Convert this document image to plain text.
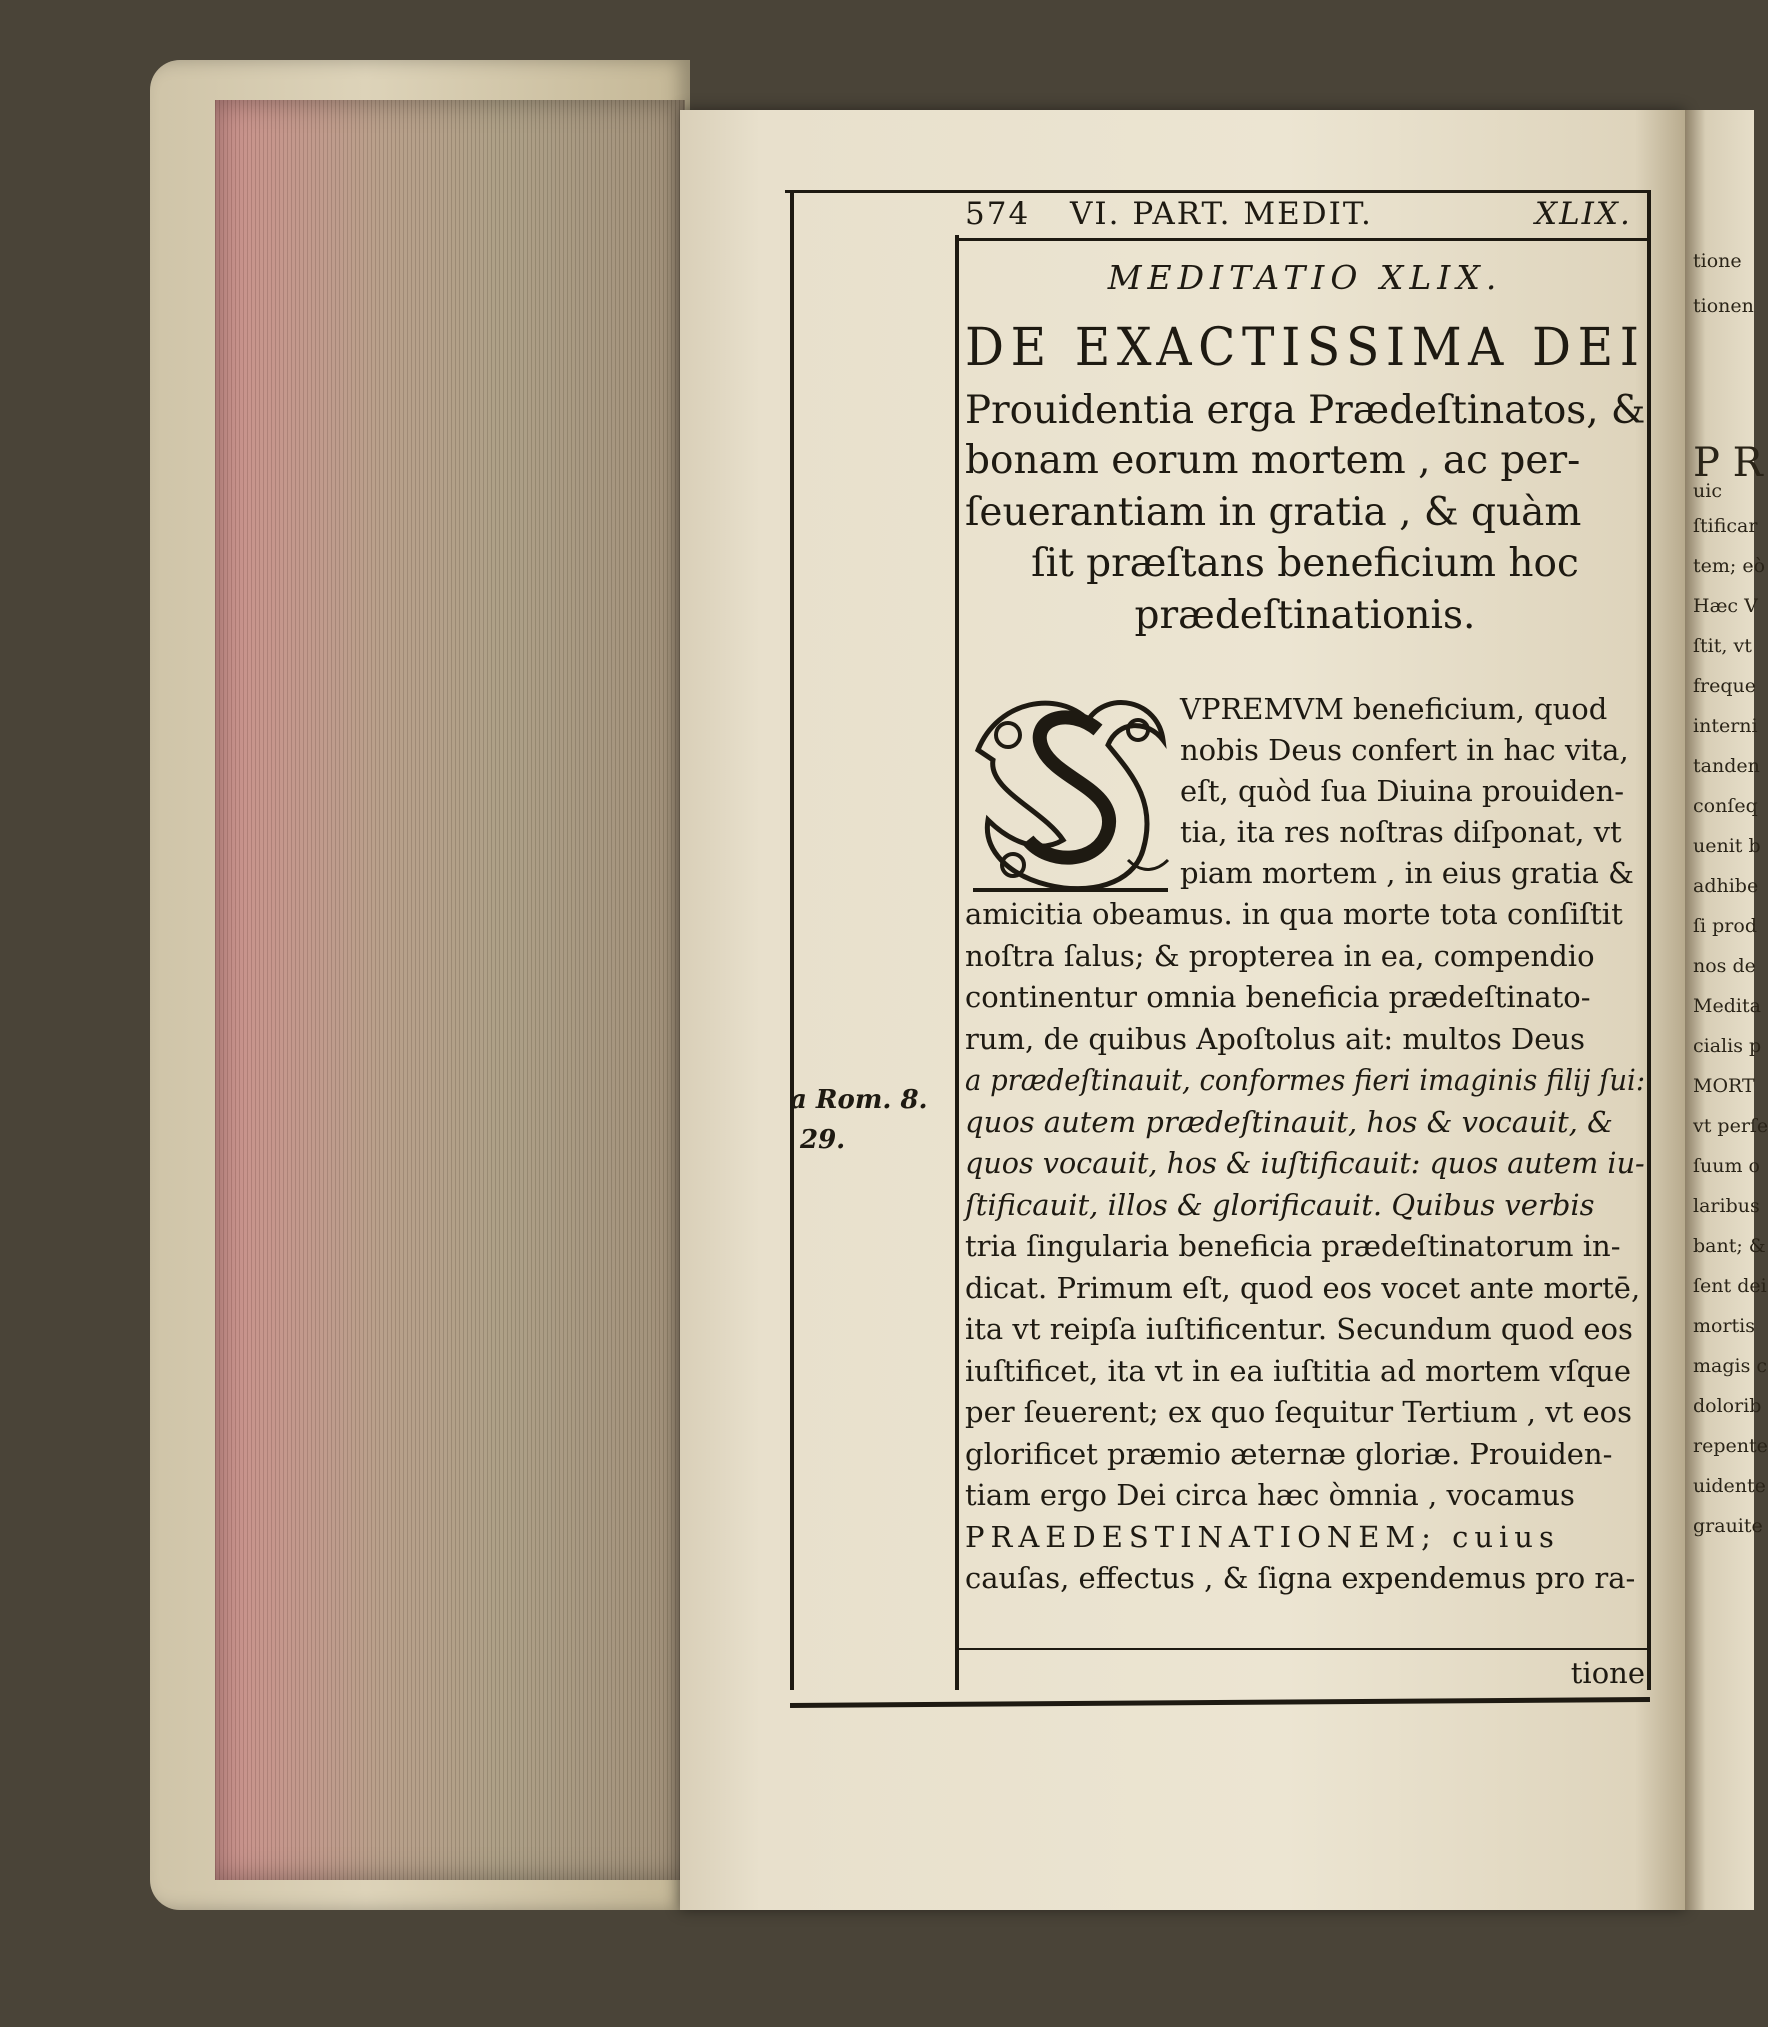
tione
tionen
P R
uic
ſtificar
tem; eò
Hæc V
ſtit, vt
freque
interni
tanden
conſeq
uenit b
adhibe
ſi prod
nos de
Medita
cialis p
MORT
vt perſe
ſuum o
laribus
bant; &
ſent dei
mortis
magis c
dolorib
repente
uidente
grauite
574 VI. PART. MEDIT.	XLIX.
MEDITATIO XLIX.
DE EXACTISSIMA DEI
Prouidentia erga Prædeſtinatos, &
bonam eorum mortem , ac per-
ſeuerantiam in gratia , & quàm
ſit præſtans beneficium hoc
prædeſtinationis.
VPREMVM beneficium, quod
nobis Deus confert in hac vita,
eſt, quòd ſua Diuina prouiden-
tia, ita res noſtras diſponat, vt
piam mortem , in eius gratia &
amicitia obeamus. in qua morte tota conſiſtit
noſtra ſalus; & propterea in ea, compendio
continentur omnia beneficia prædeſtinato-
rum, de quibus Apoſtolus ait: multos Deus
a prædeſtinauit, conformes fieri imaginis filij ſui:
quos autem prædeſtinauit, hos & vocauit, &
quos vocauit, hos & iuſtificauit: quos autem iu-
ſtificauit, illos & glorificauit. Quibus verbis
tria ſingularia beneficia prædeſtinatorum in-
dicat. Primum eſt, quod eos vocet ante mortē,
ita vt reipſa iuſtificentur. Secundum quod eos
iuſtificet, ita vt in ea iuſtitia ad mortem vſque
per ſeuerent; ex quo ſequitur Tertium , vt eos
glorificet præmio æternæ gloriæ. Prouiden-
tiam ergo Dei circa hæc òmnia , vocamus
PRAEDESTINATIONEM; cuius
cauſas, effectus , & ſigna expendemus pro ra-
tione
a Rom. 8.
29.
